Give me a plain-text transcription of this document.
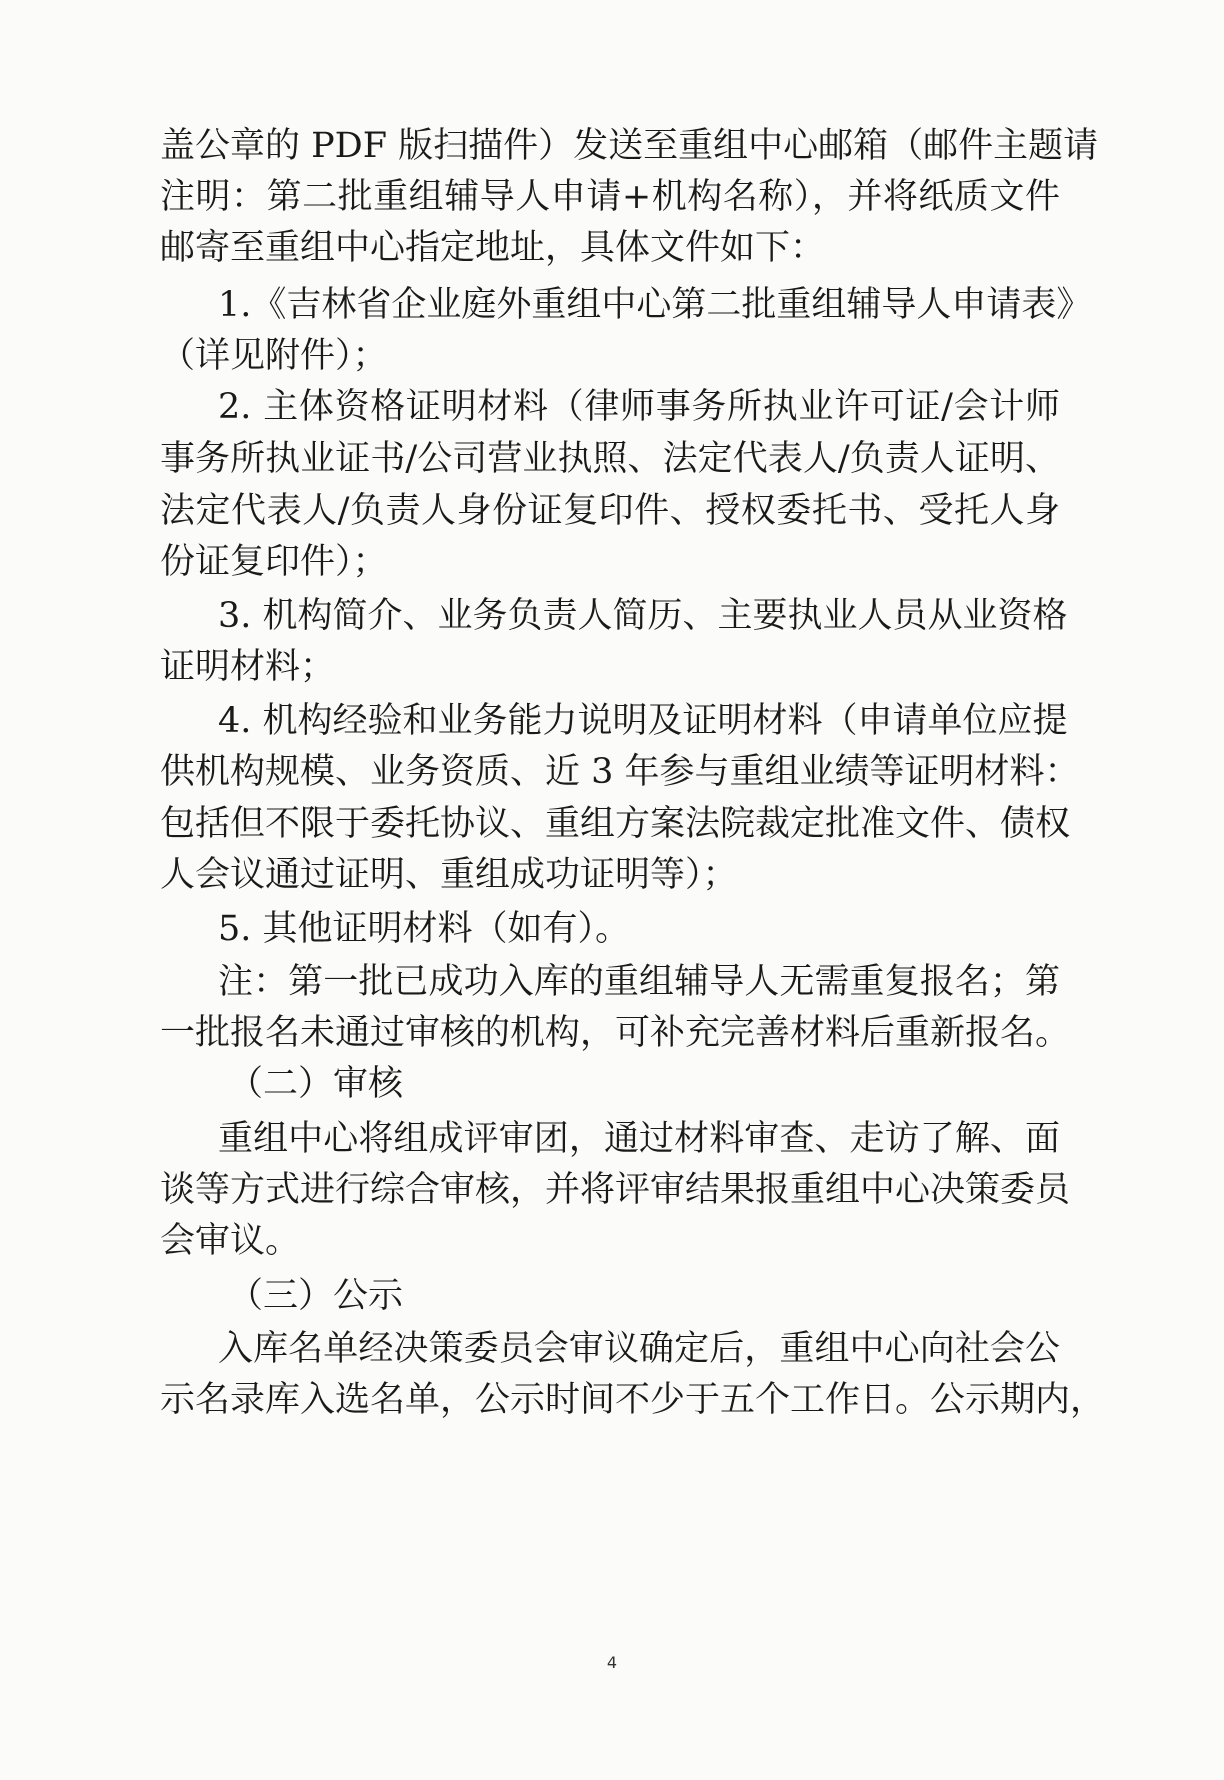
盖公章的 PDF 版扫描件）发送至重组中心邮箱（邮件主题请
注明：第二批重组辅导人申请+机构名称），并将纸质文件
邮寄至重组中心指定地址，具体文件如下：
1.《吉林省企业庭外重组中心第二批重组辅导人申请表》
（详见附件）；
2. 主体资格证明材料（律师事务所执业许可证/会计师
事务所执业证书/公司营业执照、法定代表人/负责人证明、
法定代表人/负责人身份证复印件、授权委托书、受托人身
份证复印件）；
3. 机构简介、业务负责人简历、主要执业人员从业资格
证明材料；
4. 机构经验和业务能力说明及证明材料（申请单位应提
供机构规模、业务资质、近 3 年参与重组业绩等证明材料：
包括但不限于委托协议、重组方案法院裁定批准文件、债权
人会议通过证明、重组成功证明等）；
5. 其他证明材料（如有）。
注：第一批已成功入库的重组辅导人无需重复报名；第
一批报名未通过审核的机构，可补充完善材料后重新报名。
（二）审核
重组中心将组成评审团，通过材料审查、走访了解、面
谈等方式进行综合审核，并将评审结果报重组中心决策委员
会审议。
（三）公示
入库名单经决策委员会审议确定后，重组中心向社会公
示名录库入选名单，公示时间不少于五个工作日。公示期内，
4
